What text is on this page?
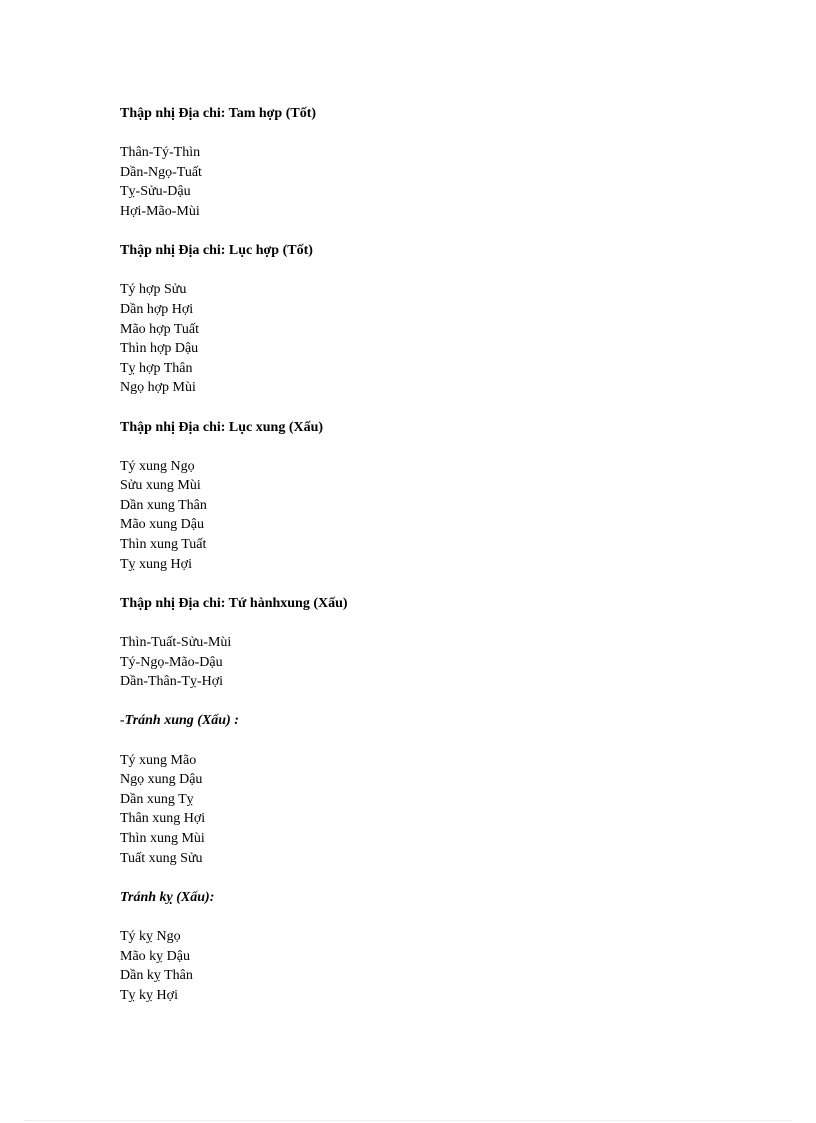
Thập nhị Địa chi: Tam hợp (Tốt)
Thân-Tý-Thìn
Dần-Ngọ-Tuất
Tỵ-Sửu-Dậu
Hợi-Mão-Mùi
Thập nhị Địa chi: Lục hợp (Tốt)
Tý hợp Sửu
Dần hợp Hợi
Mão hợp Tuất
Thìn hợp Dậu
Tỵ hợp Thân
Ngọ hợp Mùi
Thập nhị Địa chi: Lục xung (Xấu)
Tý xung Ngọ
Sửu xung Mùi
Dần xung Thân
Mão xung Dậu
Thìn xung Tuất
Tỵ xung Hợi
Thập nhị Địa chi: Tứ hànhxung (Xấu)
Thìn-Tuất-Sửu-Mùi
Tý-Ngọ-Mão-Dậu
Dần-Thân-Tỵ-Hợi
-Tránh xung (Xấu) :
Tý xung Mão
Ngọ xung Dậu
Dần xung Tỵ
Thân xung Hợi
Thìn xung Mùi
Tuất xung Sửu
Tránh kỵ (Xấu):
Tý kỵ Ngọ
Mão kỵ Dậu
Dần kỵ Thân
Tỵ kỵ Hợi
